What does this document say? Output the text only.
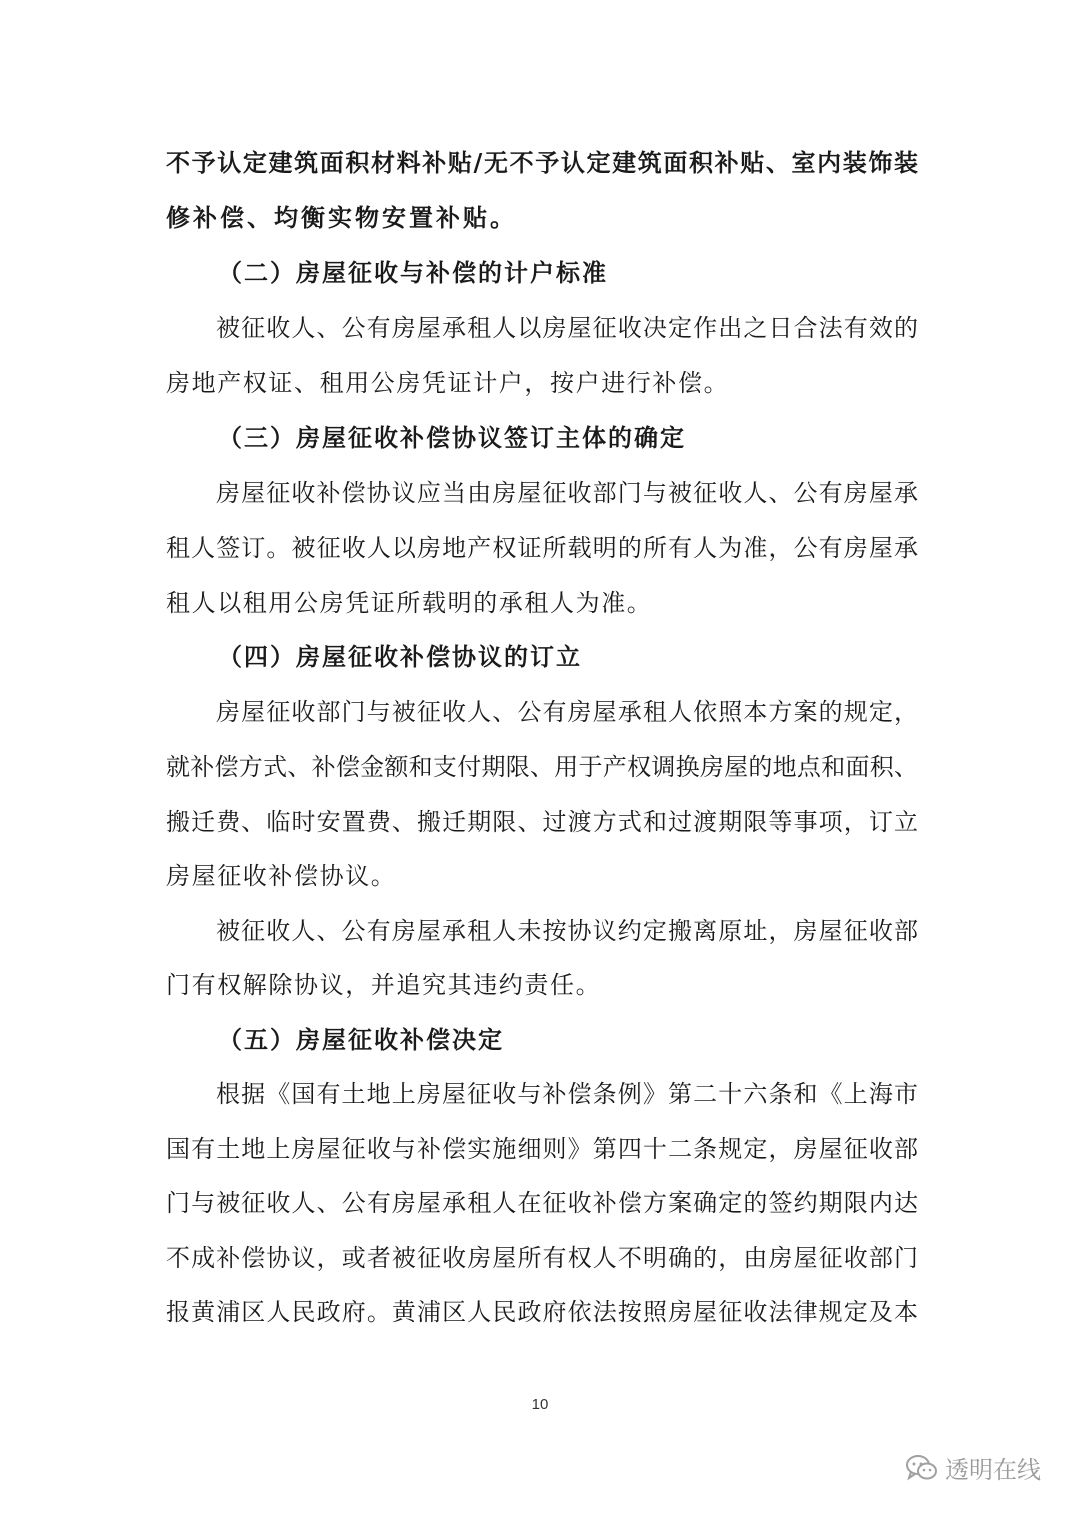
不予认定建筑面积材料补贴/无不予认定建筑面积补贴、室内装饰装
修补偿、均衡实物安置补贴。
（二）房屋征收与补偿的计户标准
被征收人、公有房屋承租人以房屋征收决定作出之日合法有效的
房地产权证、租用公房凭证计户，按户进行补偿。
（三）房屋征收补偿协议签订主体的确定
房屋征收补偿协议应当由房屋征收部门与被征收人、公有房屋承
租人签订。被征收人以房地产权证所载明的所有人为准，公有房屋承
租人以租用公房凭证所载明的承租人为准。
（四）房屋征收补偿协议的订立
房屋征收部门与被征收人、公有房屋承租人依照本方案的规定，
就补偿方式、补偿金额和支付期限、用于产权调换房屋的地点和面积、
搬迁费、临时安置费、搬迁期限、过渡方式和过渡期限等事项，订立
房屋征收补偿协议。
被征收人、公有房屋承租人未按协议约定搬离原址，房屋征收部
门有权解除协议，并追究其违约责任。
（五）房屋征收补偿决定
根据《国有土地上房屋征收与补偿条例》第二十六条和《上海市
国有土地上房屋征收与补偿实施细则》第四十二条规定，房屋征收部
门与被征收人、公有房屋承租人在征收补偿方案确定的签约期限内达
不成补偿协议，或者被征收房屋所有权人不明确的，由房屋征收部门
报黄浦区人民政府。黄浦区人民政府依法按照房屋征收法律规定及本
10
透明在线
